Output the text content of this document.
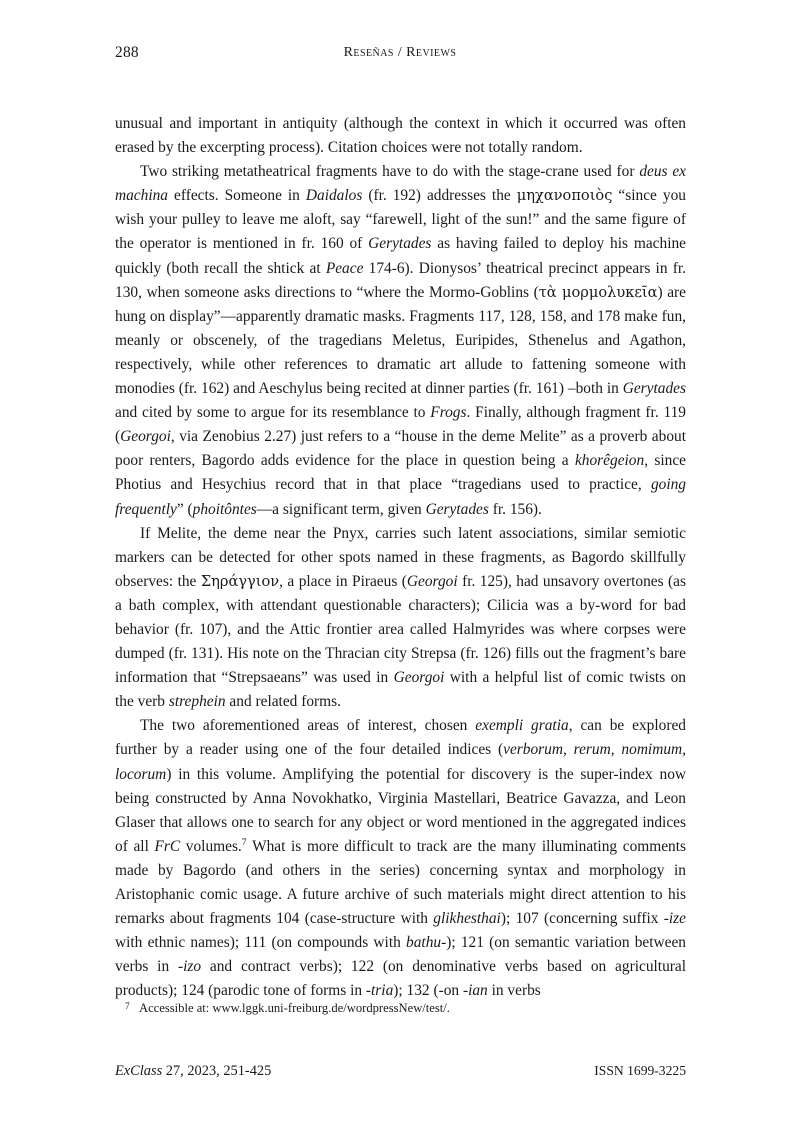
288	Reseñas / Reviews

unusual and important in antiquity (although the context in which it occurred was often erased by the excerpting process). Citation choices were not totally random.

Two striking metatheatrical fragments have to do with the stage-crane used for deus ex machina effects. Someone in Daidalos (fr. 192) addresses the μηχανοποιὸς “since you wish your pulley to leave me aloft, say “farewell, light of the sun!” and the same figure of the operator is mentioned in fr. 160 of Gerytades as having failed to deploy his machine quickly (both recall the shtick at Peace 174-6). Dionysos’ theatrical precinct appears in fr. 130, when someone asks directions to “where the Mormo-Goblins (τὰ μορμολυκεῖα) are hung on display”—apparently dramatic masks. Fragments 117, 128, 158, and 178 make fun, meanly or obscenely, of the tragedians Meletus, Euripides, Sthenelus and Agathon, respectively, while other references to dramatic art allude to fattening someone with monodies (fr. 162) and Aeschylus being recited at dinner parties (fr. 161) –both in Gerytades and cited by some to argue for its resemblance to Frogs. Finally, although fragment fr. 119 (Georgoi, via Zenobius 2.27) just refers to a “house in the deme Melite” as a proverb about poor renters, Bagordo adds evidence for the place in question being a khorêgeion, since Photius and Hesychius record that in that place “tragedians used to practice, going frequently” (phoitôntes—a significant term, given Gerytades fr. 156).

If Melite, the deme near the Pnyx, carries such latent associations, similar semiotic markers can be detected for other spots named in these fragments, as Bagordo skillfully observes: the Σηράγγιον, a place in Piraeus (Georgoi fr. 125), had unsavory overtones (as a bath complex, with attendant questionable characters); Cilicia was a by-word for bad behavior (fr. 107), and the Attic frontier area called Halmyrides was where corpses were dumped (fr. 131). His note on the Thracian city Strepsa (fr. 126) fills out the fragment’s bare information that “Strepsaeans” was used in Georgoi with a helpful list of comic twists on the verb strephein and related forms.

The two aforementioned areas of interest, chosen exempli gratia, can be explored further by a reader using one of the four detailed indices (verborum, rerum, nomimum, locorum) in this volume. Amplifying the potential for discovery is the super-index now being constructed by Anna Novokhatko, Virginia Mastellari, Beatrice Gavazza, and Leon Glaser that allows one to search for any object or word mentioned in the aggregated indices of all FrC volumes.$^7$ What is more difficult to track are the many illuminating comments made by Bagordo (and others in the series) concerning syntax and morphology in Aristophanic comic usage. A future archive of such materials might direct attention to his remarks about fragments 104 (case-structure with glikhesthai); 107 (concerning suffix -ize with ethnic names); 111 (on compounds with bathu-); 121 (on semantic variation between verbs in -izo and contract verbs); 122 (on denominative verbs based on agricultural products); 124 (parodic tone of forms in -tria); 132 (-on -ian in verbs

7 Accessible at: www.lggk.uni-freiburg.de/wordpressNew/test/.
ExClass 27, 2023, 251-425	ISSN 1699-3225
